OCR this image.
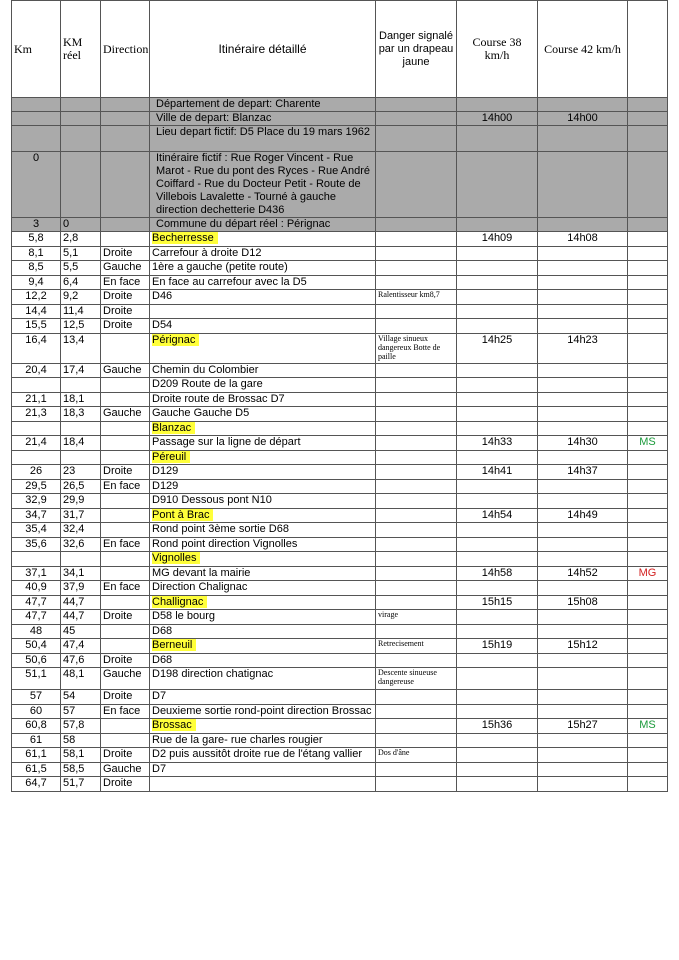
Km	KM réel	Direction	Itinéraire détaillé	Danger signalé par un drapeau jaune	Course 38 km/h	Course 42 km/h	
			Département de depart: Charente				
			Ville de depart: Blanzac		14h00	14h00	
			Lieu depart fictif: D5 Place du 19 mars 1962				
0			Itinéraire fictif : Rue Roger Vincent - Rue Marot - Rue du pont des Ryces - Rue André Coiffard - Rue du Docteur Petit - Route de Villebois Lavalette - Tourné à gauche direction dechetterie D436				
3	0		Commune du départ réel : Pérignac				
5,8	2,8		Becherresse		14h09	14h08	
8,1	5,1	Droite	Carrefour à droite D12				
8,5	5,5	Gauche	1ère a gauche (petite route)				
9,4	6,4	En face	En face au carrefour avec la D5				
12,2	9,2	Droite	D46	Ralentisseur km8,7			
14,4	11,4	Droite					
15,5	12,5	Droite	D54				
16,4	13,4		Pérignac	Village sinueux dangereux Botte de paille	14h25	14h23	
20,4	17,4	Gauche	Chemin du Colombier				
			D209 Route de la gare				
21,1	18,1		Droite route de Brossac D7				
21,3	18,3	Gauche	Gauche Gauche D5				
			Blanzac				
21,4	18,4		Passage sur la ligne de départ		14h33	14h30	MS
			Péreuil				
26	23	Droite	D129		14h41	14h37	
29,5	26,5	En face	D129				
32,9	29,9		D910 Dessous pont N10				
34,7	31,7		Pont à Brac		14h54	14h49	
35,4	32,4		Rond point 3ème sortie D68				
35,6	32,6	En face	Rond point direction Vignolles				
			Vignolles				
37,1	34,1		MG devant la mairie		14h58	14h52	MG
40,9	37,9	En face	Direction Chalignac				
47,7	44,7		Challignac		15h15	15h08	
47,7	44,7	Droite	D58 le bourg	virage			
48	45		D68				
50,4	47,4		Berneuil	Retrecisement	15h19	15h12	
50,6	47,6	Droite	D68				
51,1	48,1	Gauche	D198 direction chatignac	Descente sinueuse dangereuse			
57	54	Droite	D7				
60	57	En face	Deuxieme sortie rond-point direction Brossac				
60,8	57,8		Brossac		15h36	15h27	MS
61	58		Rue de la gare- rue charles rougier				
61,1	58,1	Droite	D2 puis aussitôt droite rue de l'étang vallier	Dos d'âne			
61,5	58,5	Gauche	D7				
64,7	51,7	Droite					
